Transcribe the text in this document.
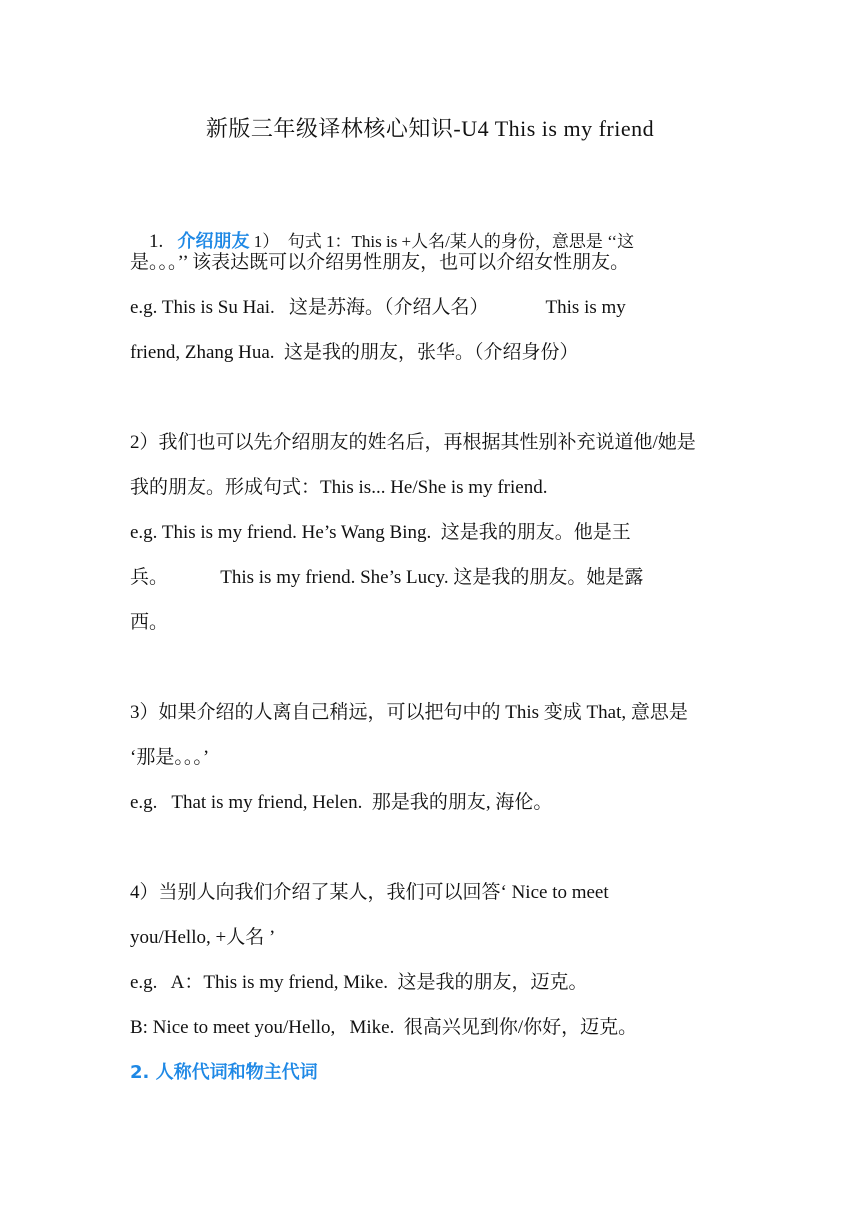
新版三年级译林核心知识-U4 This is my friend

1.   介绍朋友 1）  句式 1：This is +人名/某人的身份，意思是 ‘‘这

是。。。’’ 该表达既可以介绍男性朋友，也可以介绍女性朋友。
e.g. This is Su Hai.   这是苏海。（介绍人名）            This is my
friend, Zhang Hua.  这是我的朋友，张华。（介绍身份）
2）我们也可以先介绍朋友的姓名后，再根据其性别补充说道他/她是
我的朋友。形成句式：This is... He/She is my friend.
e.g. This is my friend. He’s Wang Bing.  这是我的朋友。他是王
兵。           This is my friend. She’s Lucy. 这是我的朋友。她是露
西。
3）如果介绍的人离自己稍远，可以把句中的 This 变成 That, 意思是
‘那是。。。’
e.g.   That is my friend, Helen.  那是我的朋友, 海伦。
4）当别人向我们介绍了某人，我们可以回答‘ Nice to meet
you/Hello, +人名 ’
e.g.   A：This is my friend, Mike.  这是我的朋友，迈克。
B: Nice to meet you/Hello,   Mike.  很高兴见到你/你好，迈克。
2. 人称代词和物主代词
